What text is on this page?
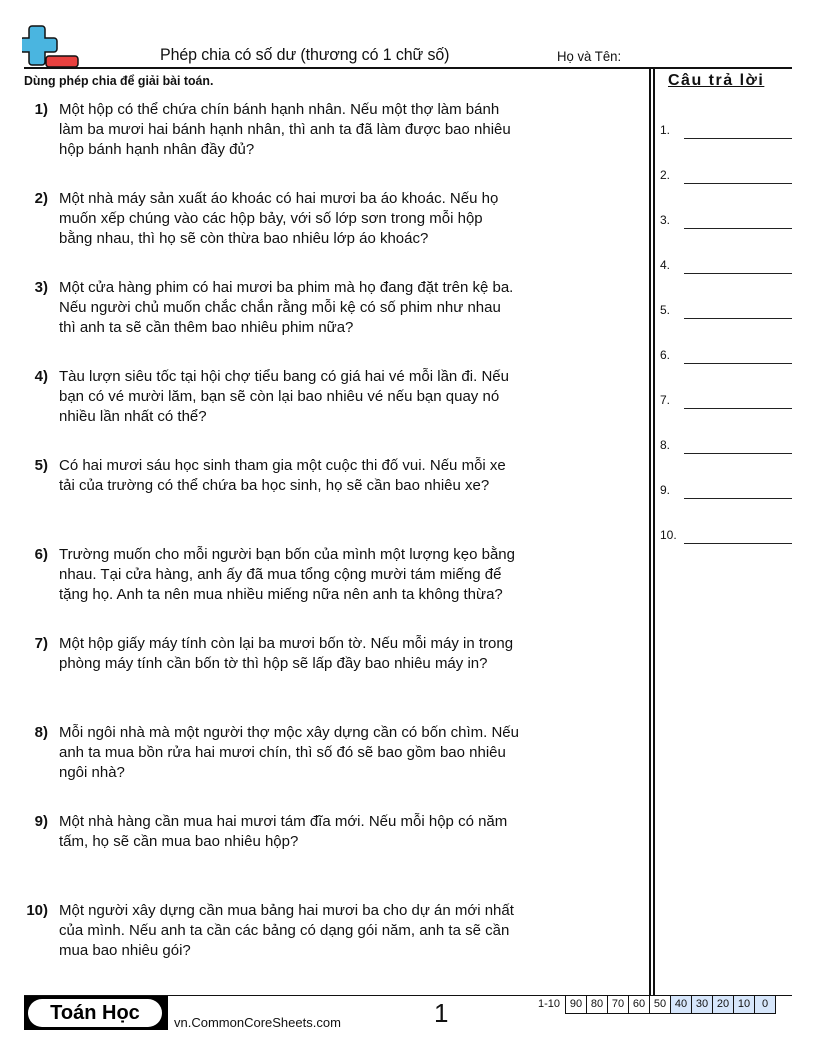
Phép chia có số dư (thương có 1 chữ số)	Họ và Tên:
Dùng phép chia để giải bài toán.
1) Một hộp có thể chứa chín bánh hạnh nhân. Nếu một thợ làm bánh làm ba mươi hai bánh hạnh nhân, thì anh ta đã làm được bao nhiêu hộp bánh hạnh nhân đầy đủ?
2) Một nhà máy sản xuất áo khoác có hai mươi ba áo khoác. Nếu họ muốn xếp chúng vào các hộp bảy, với số lớp sơn trong mỗi hộp bằng nhau, thì họ sẽ còn thừa bao nhiêu lớp áo khoác?
3) Một cửa hàng phim có hai mươi ba phim mà họ đang đặt trên kệ ba. Nếu người chủ muốn chắc chắn rằng mỗi kệ có số phim như nhau thì anh ta sẽ cần thêm bao nhiêu phim nữa?
4) Tàu lượn siêu tốc tại hội chợ tiểu bang có giá hai vé mỗi lần đi. Nếu bạn có vé mười lăm, bạn sẽ còn lại bao nhiêu vé nếu bạn quay nó nhiều lần nhất có thể?
5) Có hai mươi sáu học sinh tham gia một cuộc thi đố vui. Nếu mỗi xe tải của trường có thể chứa ba học sinh, họ sẽ cần bao nhiêu xe?
6) Trường muốn cho mỗi người bạn bốn của mình một lượng kẹo bằng nhau. Tại cửa hàng, anh ấy đã mua tổng cộng mười tám miếng để tặng họ. Anh ta nên mua nhiều miếng nữa nên anh ta không thừa?
7) Một hộp giấy máy tính còn lại ba mươi bốn tờ. Nếu mỗi máy in trong phòng máy tính cần bốn tờ thì hộp sẽ lấp đầy bao nhiêu máy in?
8) Mỗi ngôi nhà mà một người thợ mộc xây dựng cần có bốn chìm. Nếu anh ta mua bồn rửa hai mươi chín, thì số đó sẽ bao gồm bao nhiêu ngôi nhà?
9) Một nhà hàng cần mua hai mươi tám đĩa mới. Nếu mỗi hộp có năm tấm, họ sẽ cần mua bao nhiêu hộp?
10) Một người xây dựng cần mua bảng hai mươi ba cho dự án mới nhất của mình. Nếu anh ta cần các bảng có dạng gói năm, anh ta sẽ cần mua bao nhiêu gói?
Câu trả lời
1.
2.
3.
4.
5.
6.
7.
8.
9.
10.
Toán Học	vn.CommonCoreSheets.com	1	1-10 90 80 70 60 50 40 30 20 10	0
